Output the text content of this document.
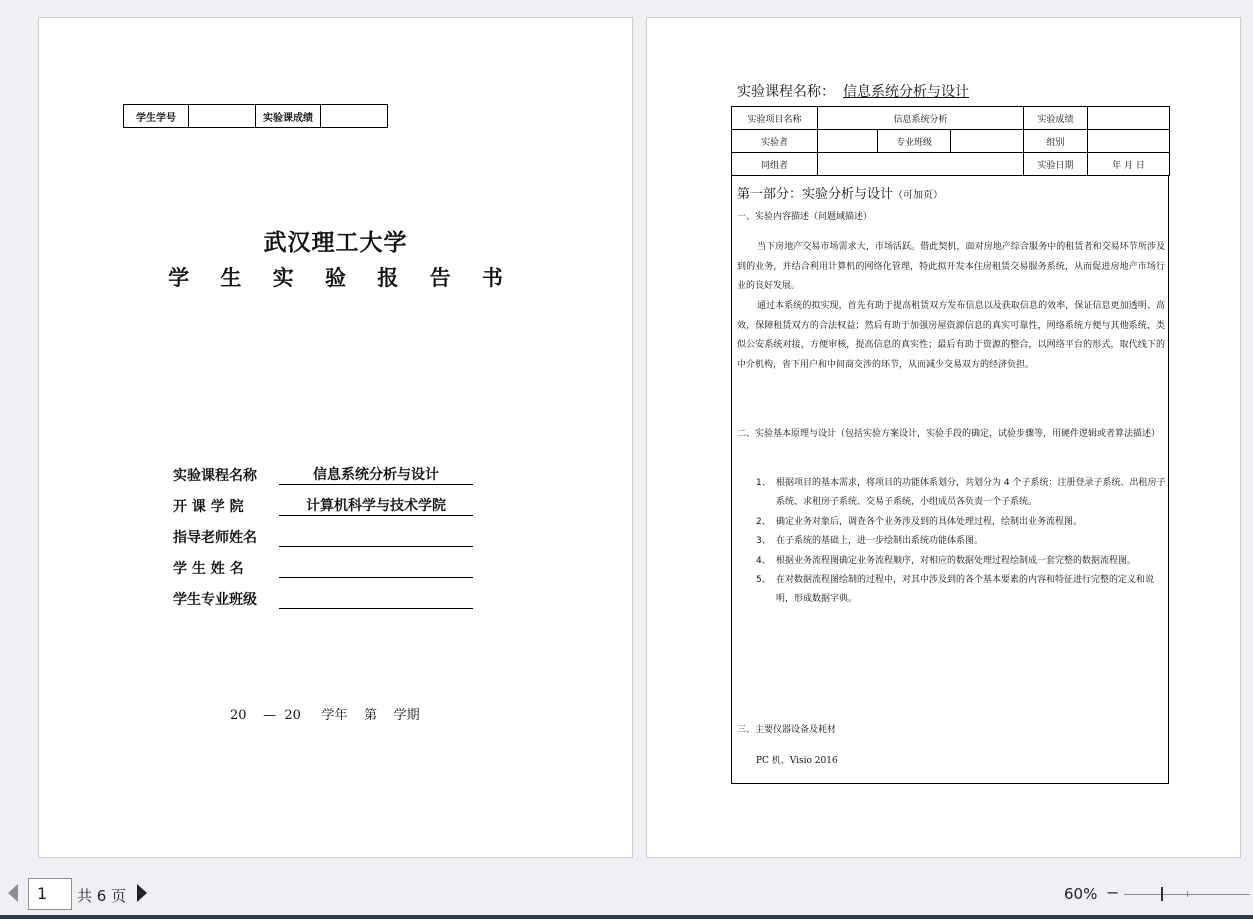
学生学号		实验课成绩	
武汉理工大学
学 生 实 验 报 告 书
实验课程名称	信息系统分析与设计
开 课 学 院	计算机科学与技术学院
指导老师姓名
学 生 姓 名
学生专业班级
20    —  20     学年    第    学期
实验课程名称： 信息系统分析与设计
实验项目名称	信息系统分析			实验成绩	
实验者		专业班级		组别	
同组者				实验日期	年 月 日
第一部分：实验分析与设计（可加页）
一、实验内容描述（问题域描述）
当下房地产交易市场需求大，市场活跃。借此契机，面对房地产综合服务中的租赁者和交易环节所涉及到的业务，并结合利用计算机的网络化管理，特此拟开发本住房租赁交易服务系统，从而促进房地产市场行业的良好发展。
通过本系统的拟实现，首先有助于提高租赁双方发布信息以及获取信息的效率，保证信息更加透明、高效，保障租赁双方的合法权益；然后有助于加强房屋资源信息的真实可靠性，网络系统方便与其他系统，类似公安系统对接，方便审核，提高信息的真实性；最后有助于资源的整合，以网络平台的形式，取代线下的中介机构，省下用户和中间商交涉的环节，从而减少交易双方的经济负担。
二、实验基本原理与设计（包括实验方案设计，实验手段的确定，试验步骤等，用硬件逻辑或者算法描述）
1、 根据项目的基本需求，将项目的功能体系划分，共划分为 4 个子系统：注册登录子系统、出租房子系统、求租房子系统、交易子系统，小组成员各负责一个子系统。
2、 确定业务对象后，调查各个业务涉及到的具体处理过程，绘制出业务流程图。
3、 在子系统的基础上，进一步绘制出系统功能体系图。
4、 根据业务流程图确定业务流程顺序，对相应的数据处理过程绘制成一套完整的数据流程图。
5、 在对数据流程图绘制的过程中，对其中涉及到的各个基本要素的内容和特征进行完整的定义和说明，形成数据字典。
三、主要仪器设备及耗材
PC 机、Visio 2016
1	共 6 页	60% −
